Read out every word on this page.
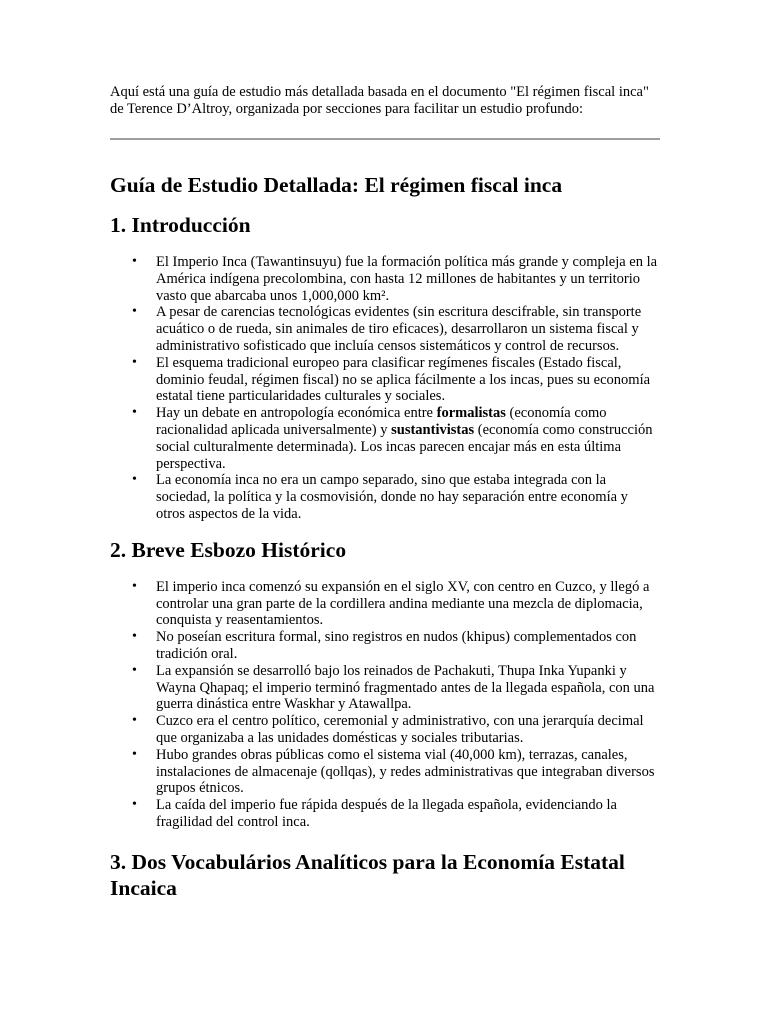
Aquí está una guía de estudio más detallada basada en el documento "El régimen fiscal inca" de Terence D’Altroy, organizada por secciones para facilitar un estudio profundo:

Guía de Estudio Detallada: El régimen fiscal inca
1. Introducción
• El Imperio Inca (Tawantinsuyu) fue la formación política más grande y compleja en la América indígena precolombina, con hasta 12 millones de habitantes y un territorio vasto que abarcaba unos 1,000,000 km².
• A pesar de carencias tecnológicas evidentes (sin escritura descifrable, sin transporte acuático o de rueda, sin animales de tiro eficaces), desarrollaron un sistema fiscal y administrativo sofisticado que incluía censos sistemáticos y control de recursos.
• El esquema tradicional europeo para clasificar regímenes fiscales (Estado fiscal, dominio feudal, régimen fiscal) no se aplica fácilmente a los incas, pues su economía estatal tiene particularidades culturales y sociales.
• Hay un debate en antropología económica entre formalistas (economía como racionalidad aplicada universalmente) y sustantivistas (economía como construcción social culturalmente determinada). Los incas parecen encajar más en esta última perspectiva.
• La economía inca no era un campo separado, sino que estaba integrada con la sociedad, la política y la cosmovisión, donde no hay separación entre economía y otros aspectos de la vida.
2. Breve Esbozo Histórico
• El imperio inca comenzó su expansión en el siglo XV, con centro en Cuzco, y llegó a controlar una gran parte de la cordillera andina mediante una mezcla de diplomacia, conquista y reasentamientos.
• No poseían escritura formal, sino registros en nudos (khipus) complementados con tradición oral.
• La expansión se desarrolló bajo los reinados de Pachakuti, Thupa Inka Yupanki y Wayna Qhapaq; el imperio terminó fragmentado antes de la llegada española, con una guerra dinástica entre Waskhar y Atawallpa.
• Cuzco era el centro político, ceremonial y administrativo, con una jerarquía decimal que organizaba a las unidades domésticas y sociales tributarias.
• Hubo grandes obras públicas como el sistema vial (40,000 km), terrazas, canales, instalaciones de almacenaje (qollqas), y redes administrativas que integraban diversos grupos étnicos.
• La caída del imperio fue rápida después de la llegada española, evidenciando la fragilidad del control inca.
3. Dos Vocabulários Analíticos para la Economía Estatal Incaica
